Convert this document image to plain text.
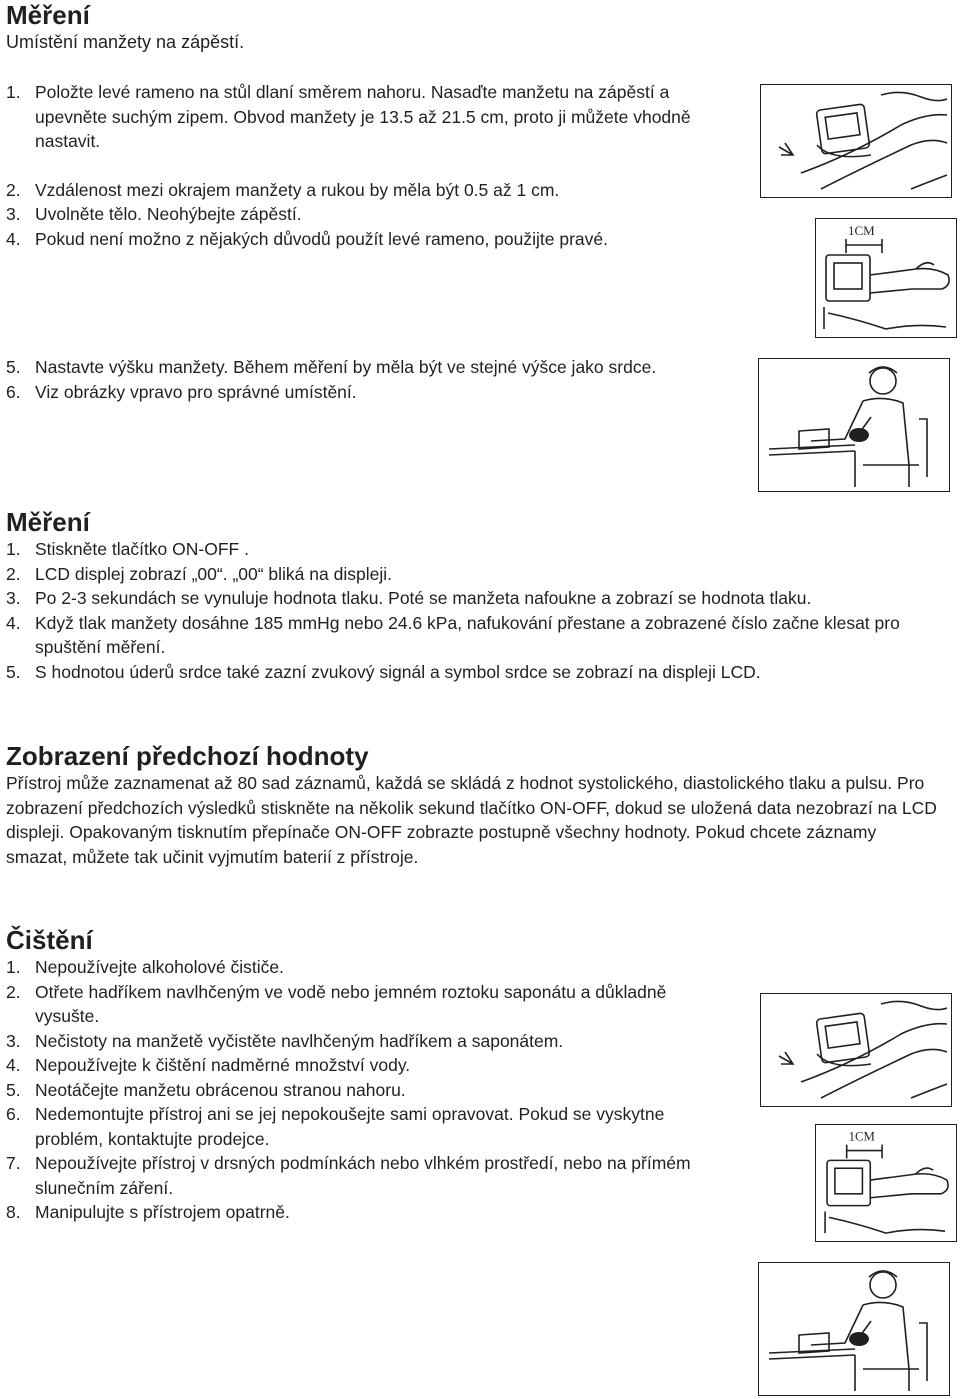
Měření
Umístění manžety na zápěstí.
1. Položte levé rameno na stůl dlaní směrem nahoru. Nasaďte manžetu na zápěstí a upevněte suchým zipem. Obvod manžety je 13.5 až 21.5 cm, proto ji můžete vhodně nastavit.
2. Vzdálenost mezi okrajem manžety a rukou by měla být 0.5 až 1 cm.
3. Uvolněte tělo. Neohýbejte zápěstí.
4. Pokud není možno z nějakých důvodů použít levé rameno, použijte pravé.
5. Nastavte výšku manžety. Během měření by měla být ve stejné výšce jako srdce.
6. Viz obrázky vpravo pro správné umístění.
Měření
1. Stiskněte tlačítko ON-OFF .
2. LCD displej zobrazí „00“. „00“ bliká na displeji.
3. Po 2-3 sekundách se vynuluje hodnota tlaku. Poté se manžeta nafoukne a zobrazí se hodnota tlaku.
4. Když tlak manžety dosáhne 185 mmHg nebo 24.6 kPa, nafukování přestane a zobrazené číslo začne klesat pro spuštění měření.
5. S hodnotou úderů srdce také zazní zvukový signál a symbol srdce se zobrazí na displeji LCD.
Zobrazení předchozí hodnoty
Přístroj může zaznamenat až 80 sad záznamů, každá se skládá z hodnot systolického, diastolického tlaku a pulsu. Pro zobrazení předchozích výsledků stiskněte na několik sekund tlačítko ON-OFF, dokud se uložená data nezobrazí na LCD displeji. Opakovaným tisknutím přepínače ON-OFF zobrazte postupně všechny hodnoty. Pokud chcete záznamy smazat, můžete tak učinit vyjmutím baterií z přístroje.
Čištění
1. Nepoužívejte alkoholové čističe.
2. Otřete hadříkem navlhčeným ve vodě nebo jemném roztoku saponátu a důkladně vysušte.
3. Nečistoty na manžetě vyčistěte navlhčeným hadříkem a saponátem.
4. Nepoužívejte k čištění nadměrné množství vody.
5. Neotáčejte manžetu obrácenou stranou nahoru.
6. Nedemontujte přístroj ani se jej nepokoušejte sami opravovat. Pokud se vyskytne problém, kontaktujte prodejce.
7. Nepoužívejte přístroj v drsných podmínkách nebo vlhkém prostředí, nebo na přímém slunečním záření.
8. Manipulujte s přístrojem opatrně.
1CM
1CM
